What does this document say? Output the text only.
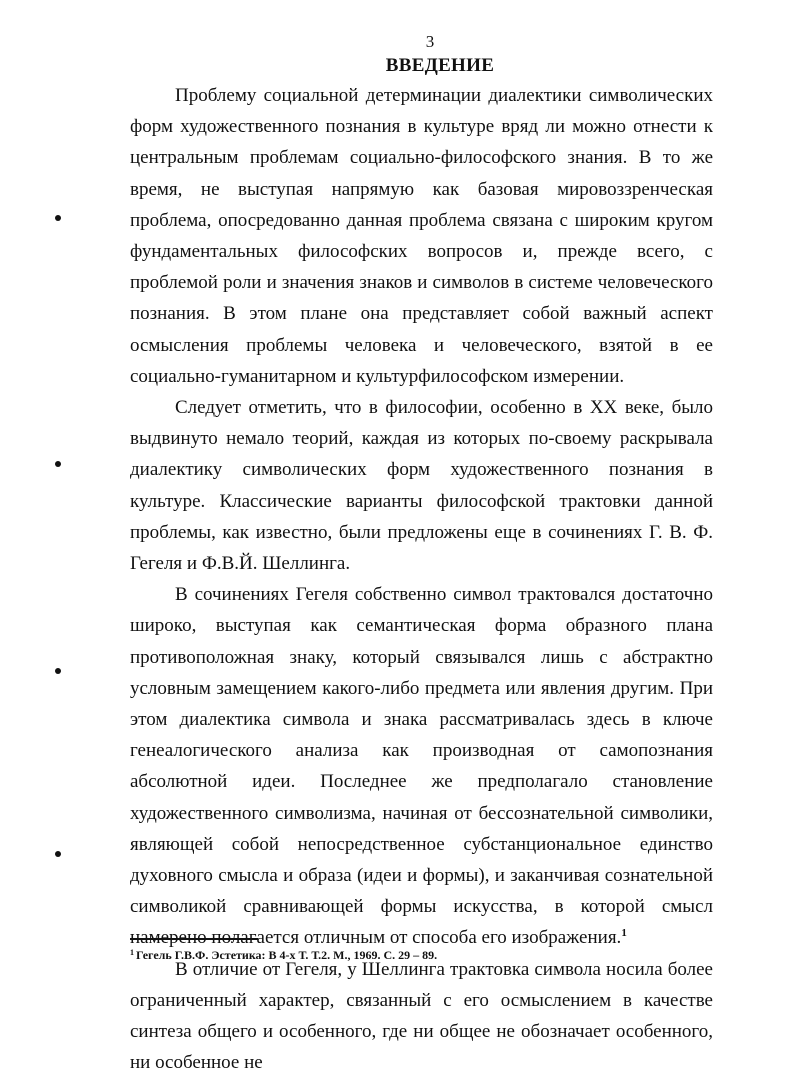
3
ВВЕДЕНИЕ

Проблему социальной детерминации диалектики символических форм художественного познания в культуре вряд ли можно отнести к центральным проблемам социально-философского знания. В то же время, не выступая напрямую как базовая мировоззренческая проблема, опосредованно данная проблема связана с широким кругом фундаментальных философских вопросов и, прежде всего, с проблемой роли и значения знаков и символов в системе человеческого познания. В этом плане она представляет собой важный аспект осмысления проблемы человека и человеческого, взятой в ее социально-гуманитарном и культурфилософском измерении.

Следует отметить, что в философии, особенно в XX веке, было выдвинуто немало теорий, каждая из которых по-своему раскрывала диалектику символических форм художественного познания в культуре. Классические варианты философской трактовки данной проблемы, как известно, были предложены еще в сочинениях Г. В. Ф. Гегеля и Ф.В.Й. Шеллинга.

В сочинениях Гегеля собственно символ трактовался достаточно широко, выступая как семантическая форма образного плана противоположная знаку, который связывался лишь с абстрактно условным замещением какого-либо предмета или явления другим. При этом диалектика символа и знака рассматривалась здесь в ключе генеалогического анализа как производная от самопознания абсолютной идеи. Последнее же предполагало становление художественного символизма, начиная от бессознательной символики, являющей собой непосредственное субстанциональное единство духовного смысла и образа (идеи и формы), и заканчивая сознательной символикой сравнивающей формы искусства, в которой смысл намерено полагается отличным от способа его изображения.$^1$

В отличие от Гегеля, у Шеллинга трактовка символа носила более ограниченный характер, связанный с его осмыслением в качестве синтеза общего и особенного, где ни общее не обозначает особенного, ни особенное не

$^1$ Гегель Г.В.Ф. Эстетика: В 4-х Т. Т.2. М., 1969. С. 29 – 89.
